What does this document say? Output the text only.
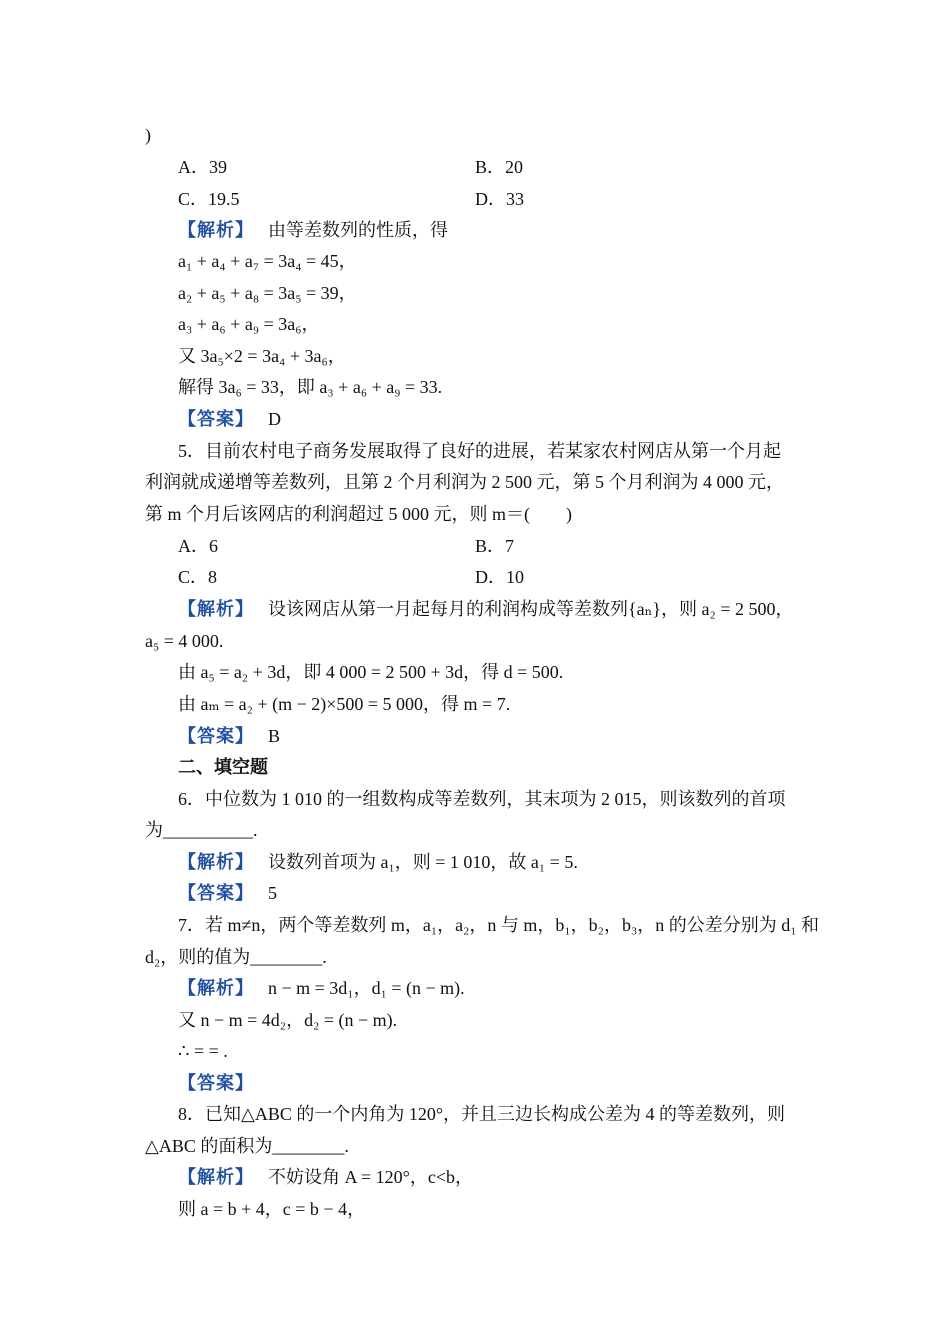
)
A．39	B．20
C．19.5	D．33
【解析】 由等差数列的性质，得
a₁ + a₄ + a₇ = 3a₄ = 45，
a₂ + a₅ + a₈ = 3a₅ = 39，
a₃ + a₆ + a₉ = 3a₆，
又 3a₅×2 = 3a₄ + 3a₆，
解得 3a₆ = 33，即 a₃ + a₆ + a₉ = 33.
【答案】 D
5．目前农村电子商务发展取得了良好的进展，若某家农村网店从第一个月起
利润就成递增等差数列，且第 2 个月利润为 2 500 元，第 5 个月利润为 4 000 元，
第 m 个月后该网店的利润超过 5 000 元，则 m＝(　　)
A．6	B．7
C．8	D．10
【解析】 设该网店从第一月起每月的利润构成等差数列{aₙ}，则 a₂ = 2 500，
a₅ = 4 000.
由 a₅ = a₂ + 3d，即 4 000 = 2 500 + 3d，得 d = 500.
由 aₘ = a₂ + (m − 2)×500 = 5 000，得 m = 7.
【答案】 B
二、填空题
6．中位数为 1 010 的一组数构成等差数列，其末项为 2 015，则该数列的首项
为__________.
【解析】 设数列首项为 a₁，则 = 1 010，故 a₁ = 5.
【答案】 5
7．若 m≠n，两个等差数列 m，a₁，a₂，n 与 m，b₁，b₂，b₃，n 的公差分别为 d₁ 和
d₂，则的值为________.
【解析】 n − m = 3d₁，d₁ = (n − m).
又 n − m = 4d₂，d₂ = (n − m).
∴ = = .
【答案】
8．已知△ABC 的一个内角为 120°，并且三边长构成公差为 4 的等差数列，则
△ABC 的面积为________.
【解析】 不妨设角 A = 120°，c<b，
则 a = b + 4，c = b − 4，
